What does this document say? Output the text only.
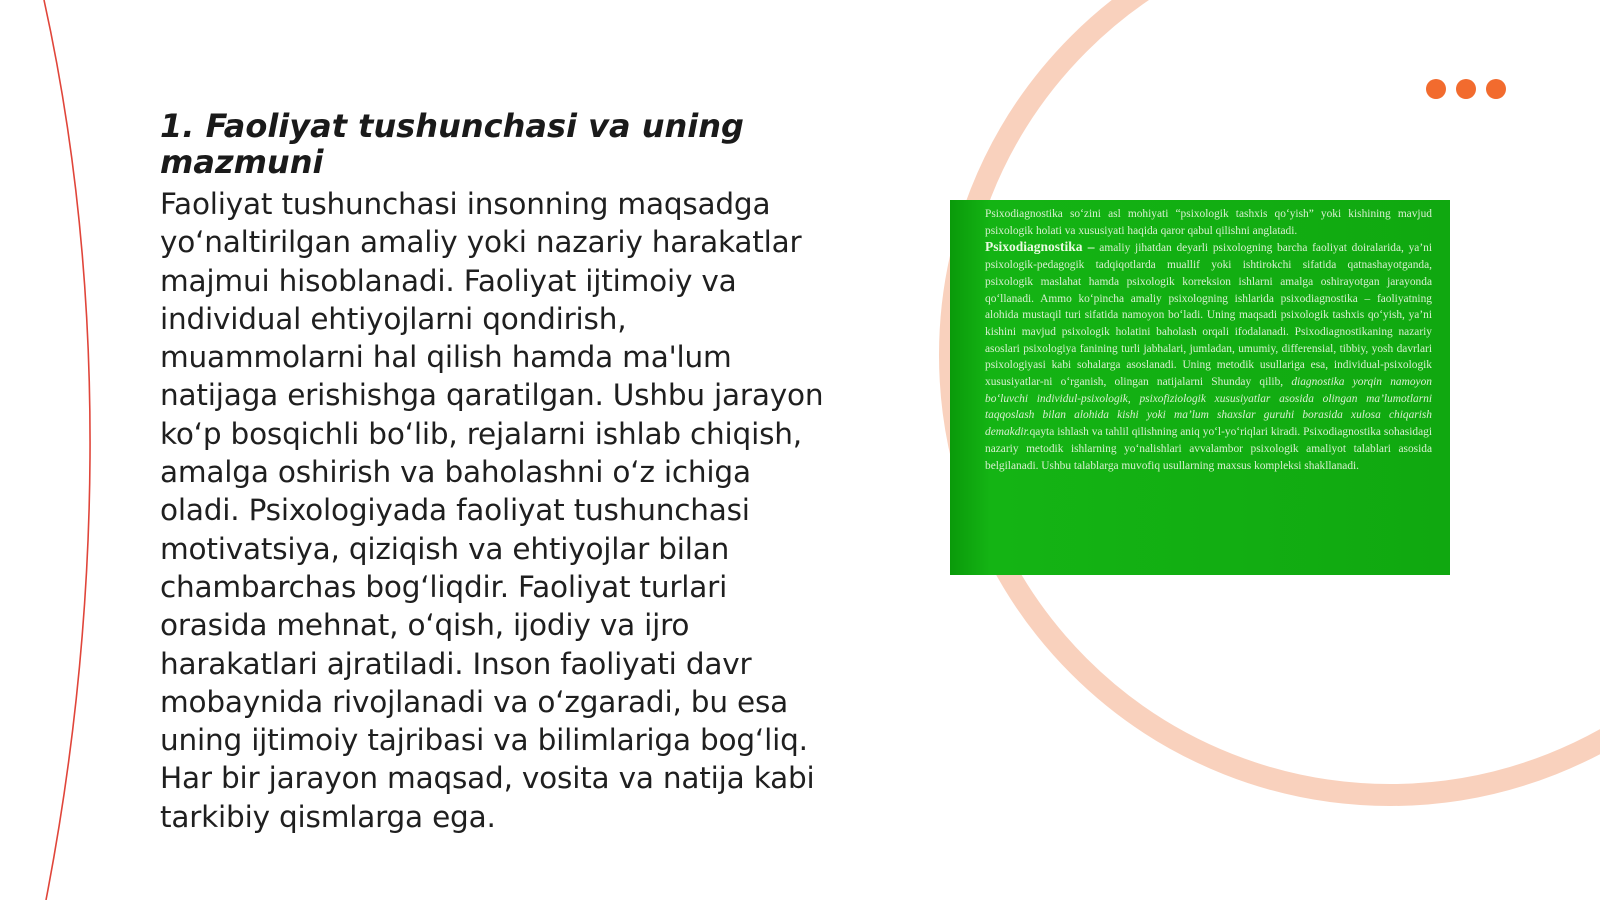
1. Faoliyat tushunchasi va uning mazmuni

Faoliyat tushunchasi insonning maqsadga yo‘naltirilgan amaliy yoki nazariy harakatlar majmui hisoblanadi. Faoliyat ijtimoiy va individual ehtiyojlarni qondirish, muammolarni hal qilish hamda ma'lum natijaga erishishga qaratilgan. Ushbu jarayon ko‘p bosqichli bo‘lib, rejalarni ishlab chiqish, amalga oshirish va baholashni o‘z ichiga oladi. Psixologiyada faoliyat tushunchasi motivatsiya, qiziqish va ehtiyojlar bilan chambarchas bog‘liqdir. Faoliyat turlari orasida mehnat, o‘qish, ijodiy va ijro harakatlari ajratiladi. Inson faoliyati davr mobaynida rivojlanadi va o‘zgaradi, bu esa uning ijtimoiy tajribasi va bilimlariga bog‘liq. Har bir jarayon maqsad, vosita va natija kabi tarkibiy qismlarga ega.

Psixodiagnostika so‘zini asl mohiyati “psixologik tashxis qo‘yish” yoki kishining mavjud psixologik holati va xususiyati haqida qaror qabul qilishni anglatadi.

Psixodiagnostika – amaliy jihatdan deyarli psixologning barcha faoliyat doiralarida, ya’ni psixologik-pedagogik tadqiqotlarda muallif yoki ishtirokchi sifatida qatnashayotganda, psixologik maslahat hamda psixologik korreksion ishlarni amalga oshirayotgan jarayonda qo‘llanadi. Ammo ko‘pincha amaliy psixologning ishlarida psixodiagnostika – faoliyatning alohida mustaqil turi sifatida namoyon bo‘ladi. Uning maqsadi psixologik tashxis qo‘yish, ya’ni kishini mavjud psixologik holatini baholash orqali ifodalanadi. Psixodiagnostikaning nazariy asoslari psixologiya fanining turli jabhalari, jumladan, umumiy, differensial, tibbiy, yosh davrlari psixologiyasi kabi sohalarga asoslanadi. Uning metodik usullariga esa, individual-psixologik xususiyatlar-ni o‘rganish, olingan natijalarni Shunday qilib, diagnostika yorqin namoyon bo‘luvchi individul-psixologik, psixofiziologik xususiyatlar asosida olingan ma’lumotlarni taqqoslash bilan alohida kishi yoki ma’lum shaxslar guruhi borasida xulosa chiqarish demakdir.qayta ishlash va tahlil qilishning aniq yo‘l-yo‘riqlari kiradi. Psixodiagnostika sohasidagi nazariy metodik ishlarning yo‘nalishlari avvalambor psixologik amaliyot talablari asosida belgilanadi. Ushbu talablarga muvofiq usullarning maxsus kompleksi shakllanadi.
